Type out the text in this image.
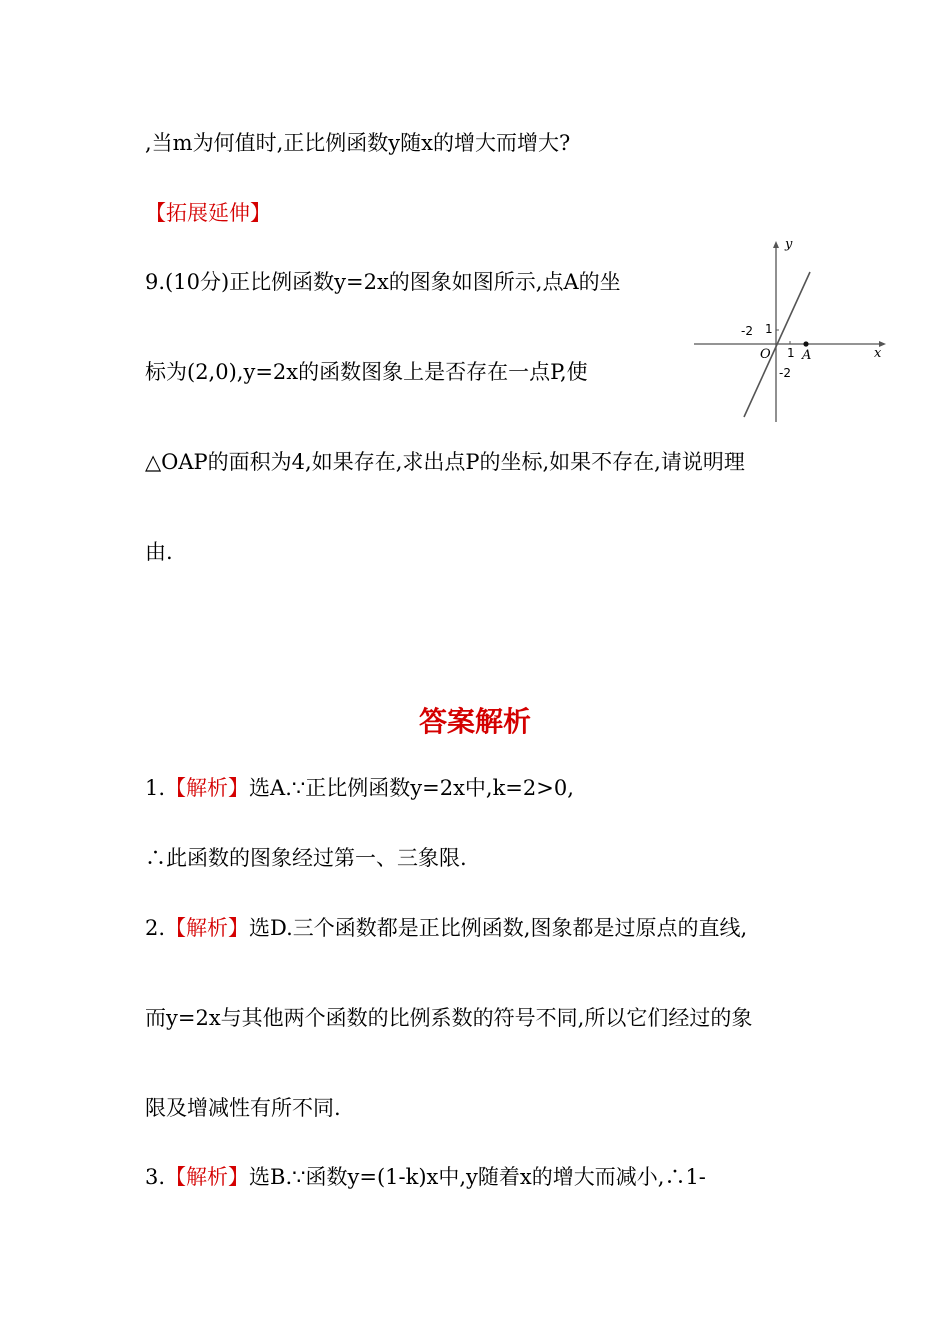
,当m为何值时,正比例函数y随x的增大而增大?
【拓展延伸】
9.(10分)正比例函数y=2x的图象如图所示,点A的坐
标为(2,0),y=2x的函数图象上是否存在一点P,使
△OAP的面积为4,如果存在,求出点P的坐标,如果不存在,请说明理
由.
y
x
O A
-2 1
1
-2
答案解析
1.【解析】选A.∵正比例函数y=2x中,k=2>0,
∴此函数的图象经过第一、三象限.
2.【解析】选D.三个函数都是正比例函数,图象都是过原点的直线,
而y=2x与其他两个函数的比例系数的符号不同,所以它们经过的象
限及增减性有所不同.
3.【解析】选B.∵函数y=(1-k)x中,y随着x的增大而减小,∴1-
